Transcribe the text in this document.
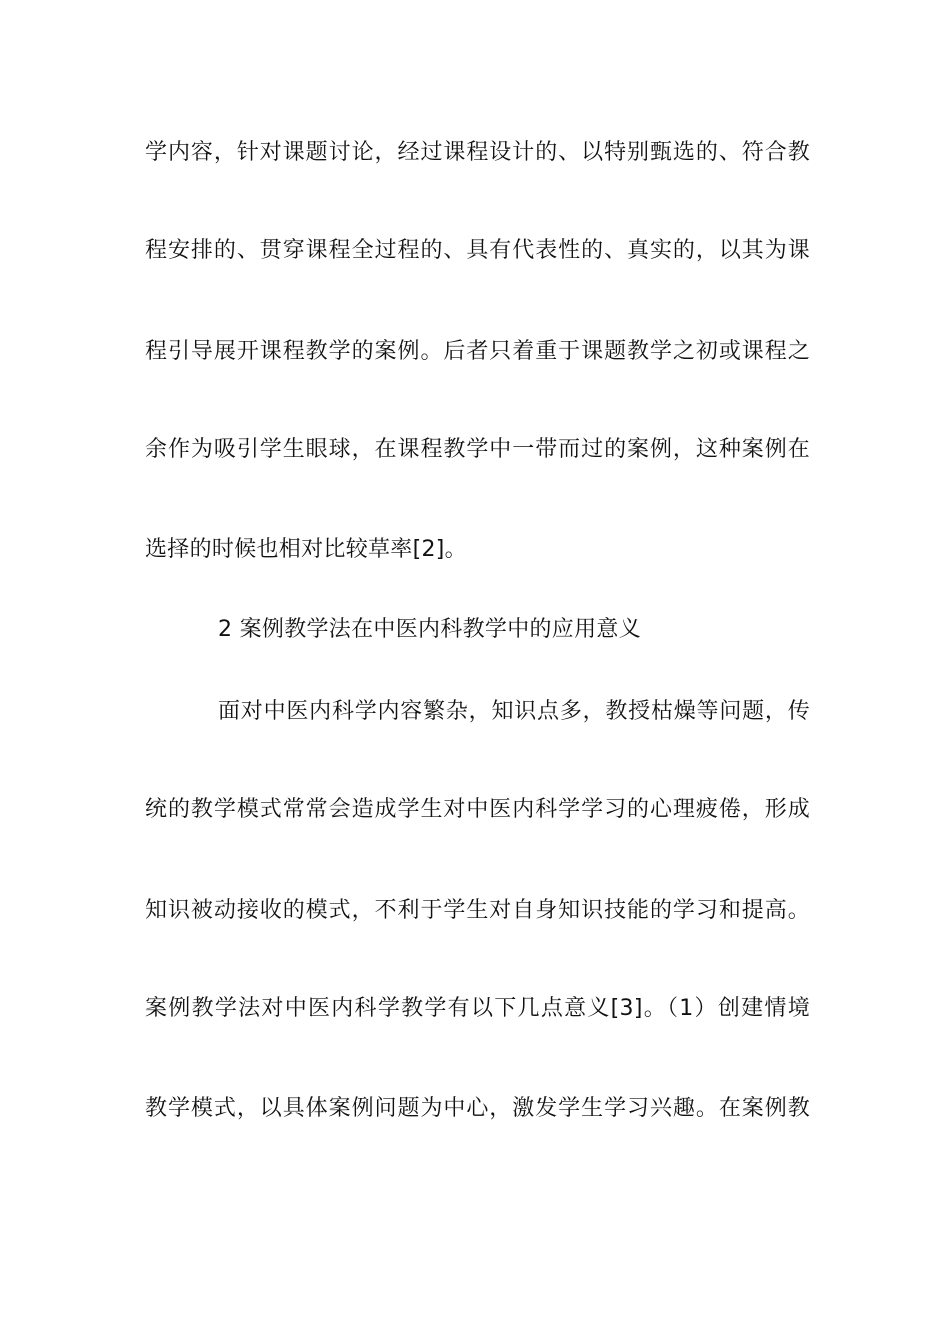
学内容，针对课题讨论，经过课程设计的、以特别甄选的、符合教
程安排的、贯穿课程全过程的、具有代表性的、真实的，以其为课
程引导展开课程教学的案例。后者只着重于课题教学之初或课程之
余作为吸引学生眼球，在课程教学中一带而过的案例，这种案例在
选择的时候也相对比较草率[2]。
2 案例教学法在中医内科教学中的应用意义
面对中医内科学内容繁杂，知识点多，教授枯燥等问题，传
统的教学模式常常会造成学生对中医内科学学习的心理疲倦，形成
知识被动接收的模式，不利于学生对自身知识技能的学习和提高。
案例教学法对中医内科学教学有以下几点意义[3]。（1）创建情境
教学模式，以具体案例问题为中心，激发学生学习兴趣。在案例教
